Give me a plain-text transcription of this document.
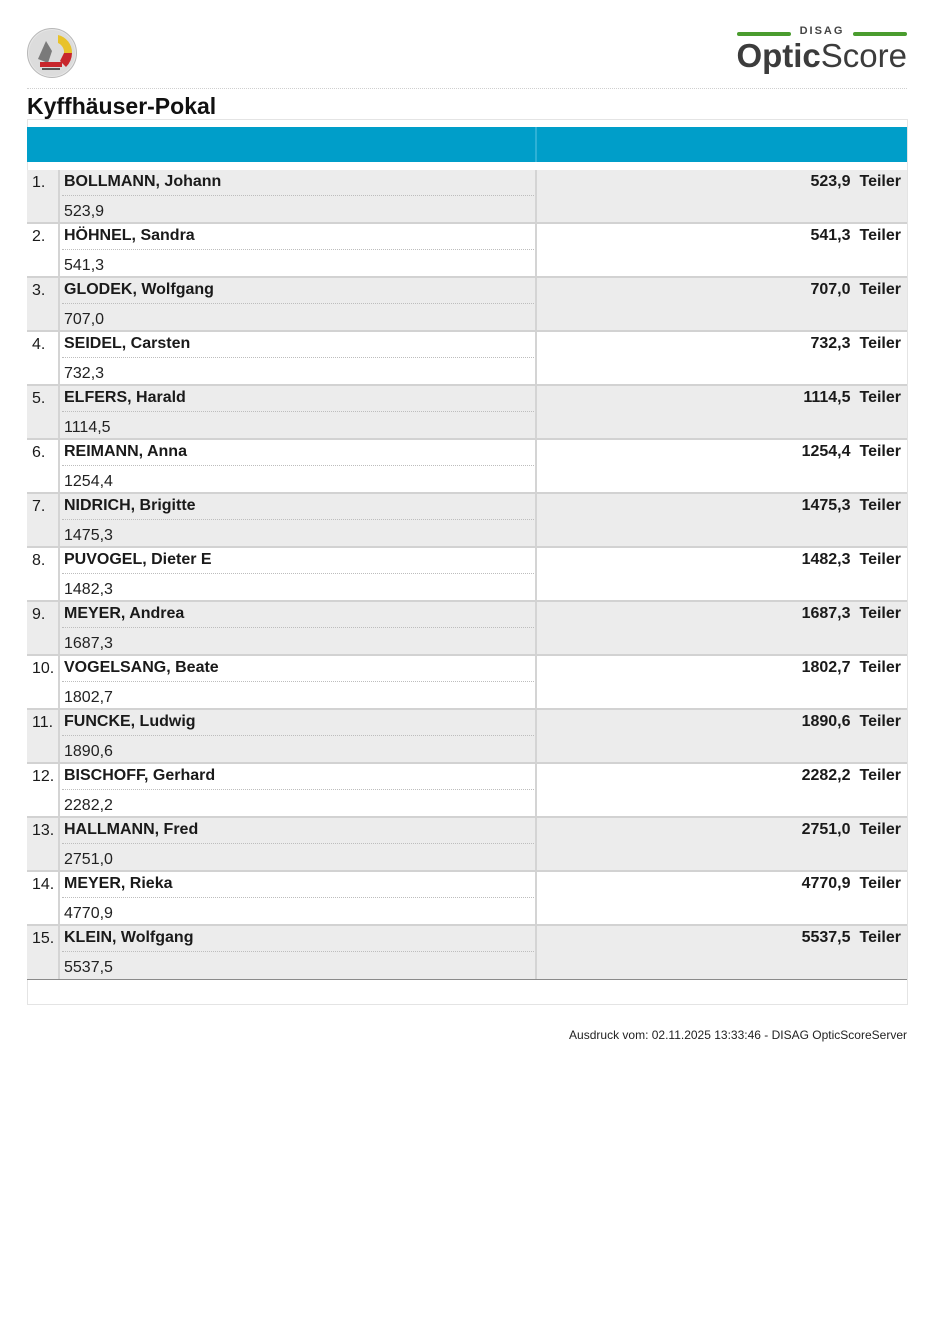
DISAG
OpticScore
Kyffhäuser-Pokal
1.	BOLLMANN, Johann
523,9
523,9 Teiler
2.	HÖHNEL, Sandra
541,3
541,3 Teiler
3.	GLODEK, Wolfgang
707,0
707,0 Teiler
4.	SEIDEL, Carsten
732,3
732,3 Teiler
5.	ELFERS, Harald
1114,5
1114,5 Teiler
6.	REIMANN, Anna
1254,4
1254,4 Teiler
7.	NIDRICH, Brigitte
1475,3
1475,3 Teiler
8.	PUVOGEL, Dieter E
1482,3
1482,3 Teiler
9.	MEYER, Andrea
1687,3
1687,3 Teiler
10. VOGELSANG, Beate
1802,7
1802,7 Teiler
11. FUNCKE, Ludwig
1890,6
1890,6 Teiler
12. BISCHOFF, Gerhard
2282,2
2282,2 Teiler
13. HALLMANN, Fred
2751,0
2751,0 Teiler
14. MEYER, Rieka
4770,9
4770,9 Teiler
15. KLEIN, Wolfgang
5537,5
5537,5 Teiler
Ausdruck vom: 02.11.2025 13:33:46 - DISAG OpticScoreServer
